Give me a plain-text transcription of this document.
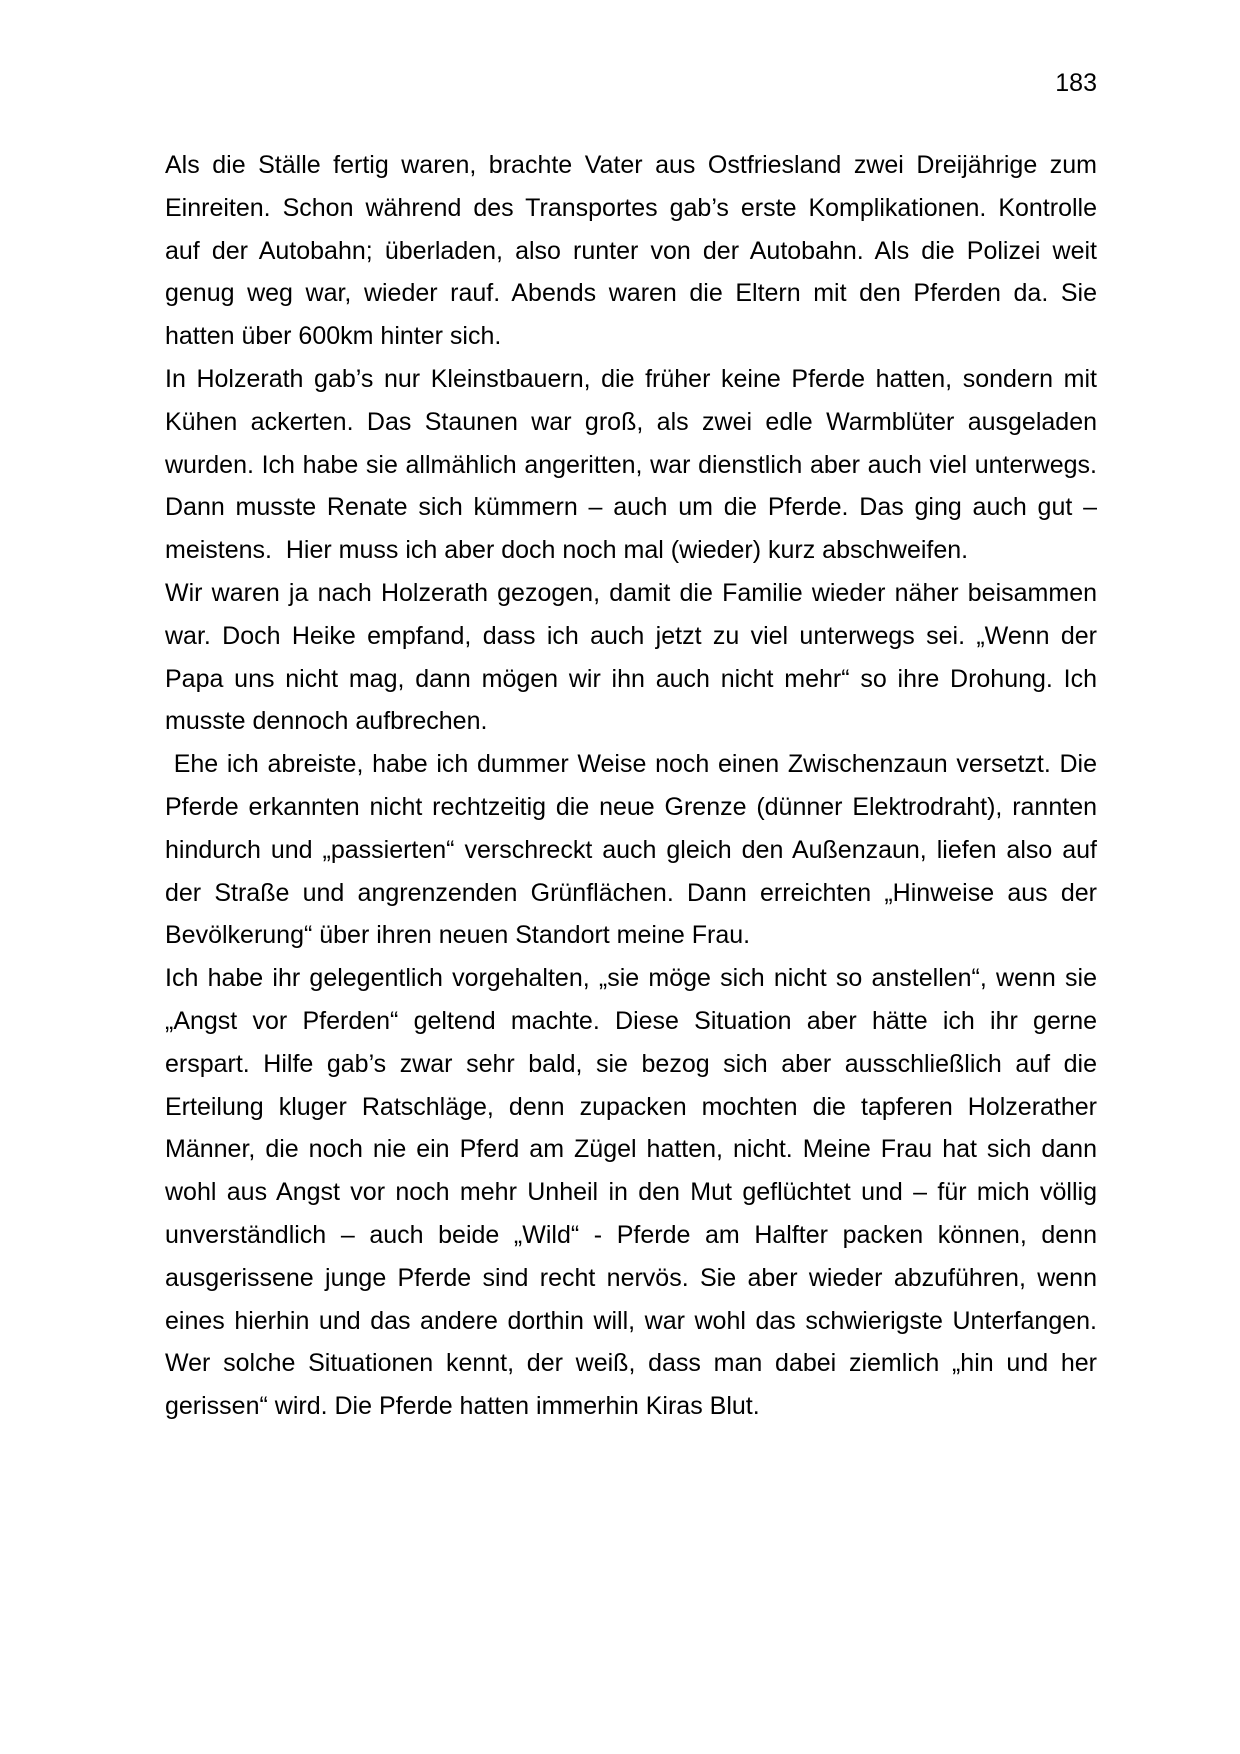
183
Als die Ställe fertig waren, brachte Vater aus Ostfriesland zwei Dreijährige zum
Einreiten. Schon während des Transportes gab’s erste Komplikationen. Kontrolle
auf der Autobahn; überladen, also runter von der Autobahn. Als die Polizei weit
genug weg war, wieder rauf. Abends waren die Eltern mit den Pferden da. Sie
hatten über 600km hinter sich.
In Holzerath gab’s nur Kleinstbauern, die früher keine Pferde hatten, sondern mit
Kühen ackerten. Das Staunen war groß, als zwei edle Warmblüter ausgeladen
wurden. Ich habe sie allmählich angeritten, war dienstlich aber auch viel unterwegs.
Dann musste Renate sich kümmern – auch um die Pferde. Das ging auch gut –
meistens.  Hier muss ich aber doch noch mal (wieder) kurz abschweifen.
Wir waren ja nach Holzerath gezogen, damit die Familie wieder näher beisammen
war. Doch Heike empfand, dass ich auch jetzt zu viel unterwegs sei. „Wenn der
Papa uns nicht mag, dann mögen wir ihn auch nicht mehr“ so ihre Drohung. Ich
musste dennoch aufbrechen.
Ehe ich abreiste, habe ich dummer Weise noch einen Zwischenzaun versetzt. Die
Pferde erkannten nicht rechtzeitig die neue Grenze (dünner Elektrodraht), rannten
hindurch und „passierten“ verschreckt auch gleich den Außenzaun, liefen also auf
der Straße und angrenzenden Grünflächen. Dann erreichten „Hinweise aus der
Bevölkerung“ über ihren neuen Standort meine Frau.
Ich habe ihr gelegentlich vorgehalten, „sie möge sich nicht so anstellen“, wenn sie
„Angst vor Pferden“ geltend machte. Diese Situation aber hätte ich ihr gerne
erspart. Hilfe gab’s zwar sehr bald, sie bezog sich aber ausschließlich auf die
Erteilung kluger Ratschläge, denn zupacken mochten die tapferen Holzerather
Männer, die noch nie ein Pferd am Zügel hatten, nicht. Meine Frau hat sich dann
wohl aus Angst vor noch mehr Unheil in den Mut geflüchtet und – für mich völlig
unverständlich – auch beide „Wild“ - Pferde am Halfter packen können, denn
ausgerissene junge Pferde sind recht nervös. Sie aber wieder abzuführen, wenn
eines hierhin und das andere dorthin will, war wohl das schwierigste Unterfangen.
Wer solche Situationen kennt, der weiß, dass man dabei ziemlich „hin und her
gerissen“ wird. Die Pferde hatten immerhin Kiras Blut.
